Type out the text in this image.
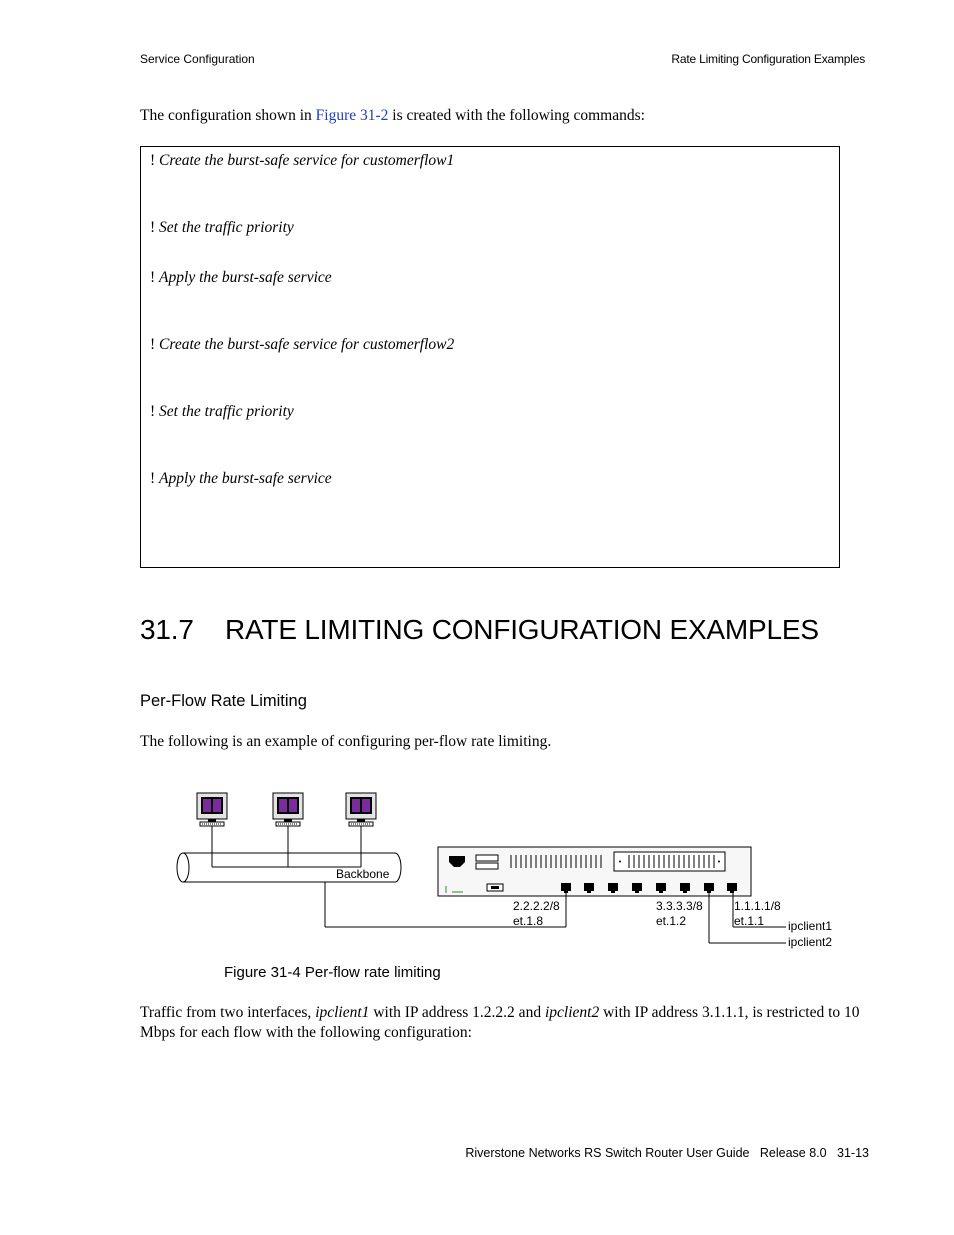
Service Configuration	Rate Limiting Configuration Examples
The configuration shown in Figure 31-2 is created with the following commands:
! Create the burst-safe service for customerflow1
! Set the traffic priority
! Apply the burst-safe service
! Create the burst-safe service for customerflow2
! Set the traffic priority
! Apply the burst-safe service
31.7 RATE LIMITING CONFIGURATION EXAMPLES
Per-Flow Rate Limiting
The following is an example of configuring per-flow rate limiting.
Backbone
2.2.2.2/8
et.1.8
3.3.3.3/8
et.1.2
1.1.1.1/8
et.1.1 ipclient1
ipclient2
Figure 31-4 Per-flow rate limiting
Traffic from two interfaces, ipclient1 with IP address 1.2.2.2 and ipclient2 with IP address 3.1.1.1, is restricted to 10 Mbps for each flow with the following configuration:
Riverstone Networks RS Switch Router User Guide   Release 8.0   31-13
